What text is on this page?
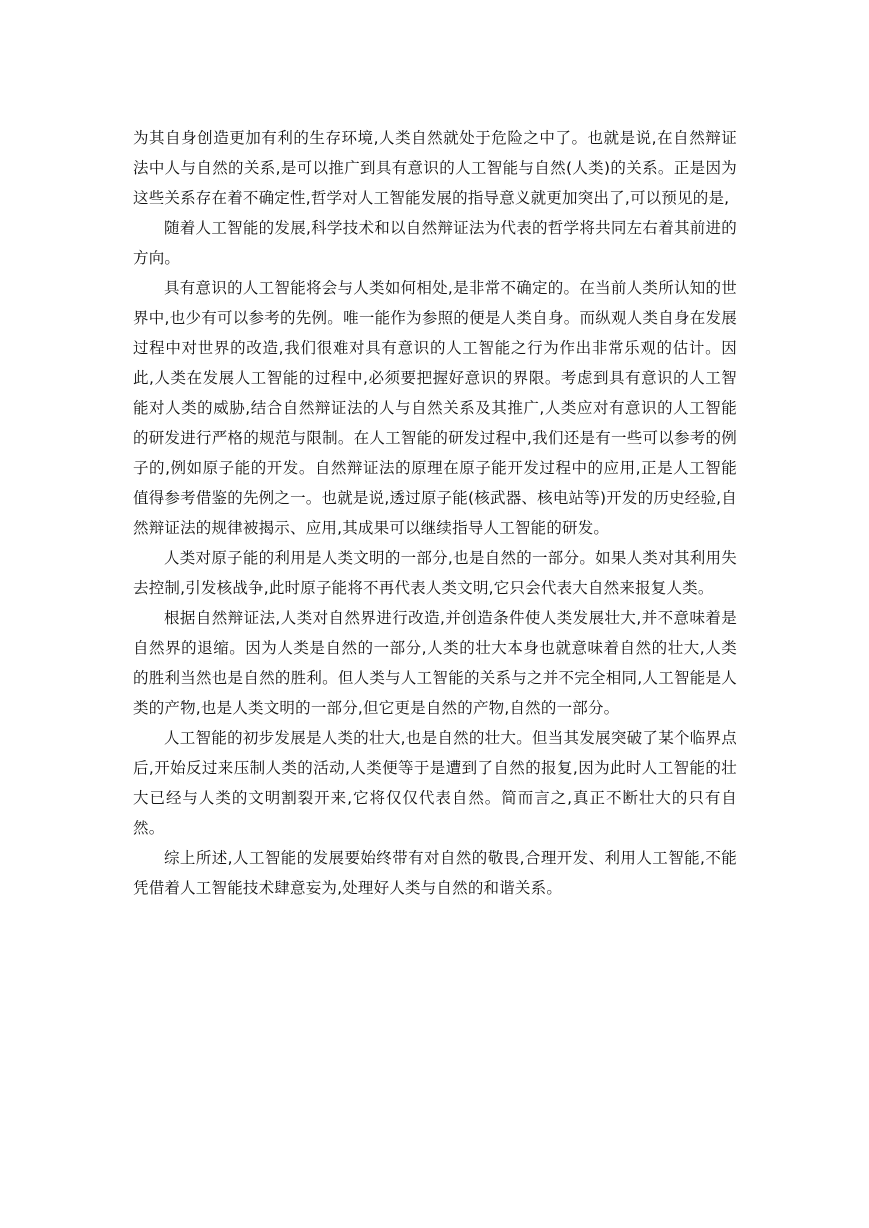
为其自身创造更加有利的生存环境,人类自然就处于危险之中了。也就是说,在自然辩证法中人与自然的关系,是可以推广到具有意识的人工智能与自然(人类)的关系。正是因为这些关系存在着不确定性,哲学对人工智能发展的指导意义就更加突出了,可以预见的是,

随着人工智能的发展,科学技术和以自然辩证法为代表的哲学将共同左右着其前进的方向。

具有意识的人工智能将会与人类如何相处,是非常不确定的。在当前人类所认知的世界中,也少有可以参考的先例。唯一能作为参照的便是人类自身。而纵观人类自身在发展过程中对世界的改造,我们很难对具有意识的人工智能之行为作出非常乐观的估计。因此,人类在发展人工智能的过程中,必须要把握好意识的界限。考虑到具有意识的人工智能对人类的威胁,结合自然辩证法的人与自然关系及其推广,人类应对有意识的人工智能的研发进行严格的规范与限制。在人工智能的研发过程中,我们还是有一些可以参考的例子的,例如原子能的开发。自然辩证法的原理在原子能开发过程中的应用,正是人工智能值得参考借鉴的先例之一。也就是说,透过原子能(核武器、核电站等)开发的历史经验,自然辩证法的规律被揭示、应用,其成果可以继续指导人工智能的研发。

人类对原子能的利用是人类文明的一部分,也是自然的一部分。如果人类对其利用失去控制,引发核战争,此时原子能将不再代表人类文明,它只会代表大自然来报复人类。

根据自然辩证法,人类对自然界进行改造,并创造条件使人类发展壮大,并不意味着是自然界的退缩。因为人类是自然的一部分,人类的壮大本身也就意味着自然的壮大,人类的胜利当然也是自然的胜利。但人类与人工智能的关系与之并不完全相同,人工智能是人类的产物,也是人类文明的一部分,但它更是自然的产物,自然的一部分。

人工智能的初步发展是人类的壮大,也是自然的壮大。但当其发展突破了某个临界点后,开始反过来压制人类的活动,人类便等于是遭到了自然的报复,因为此时人工智能的壮大已经与人类的文明割裂开来,它将仅仅代表自然。简而言之,真正不断壮大的只有自然。

综上所述,人工智能的发展要始终带有对自然的敬畏,合理开发、利用人工智能,不能凭借着人工智能技术肆意妄为,处理好人类与自然的和谐关系。
